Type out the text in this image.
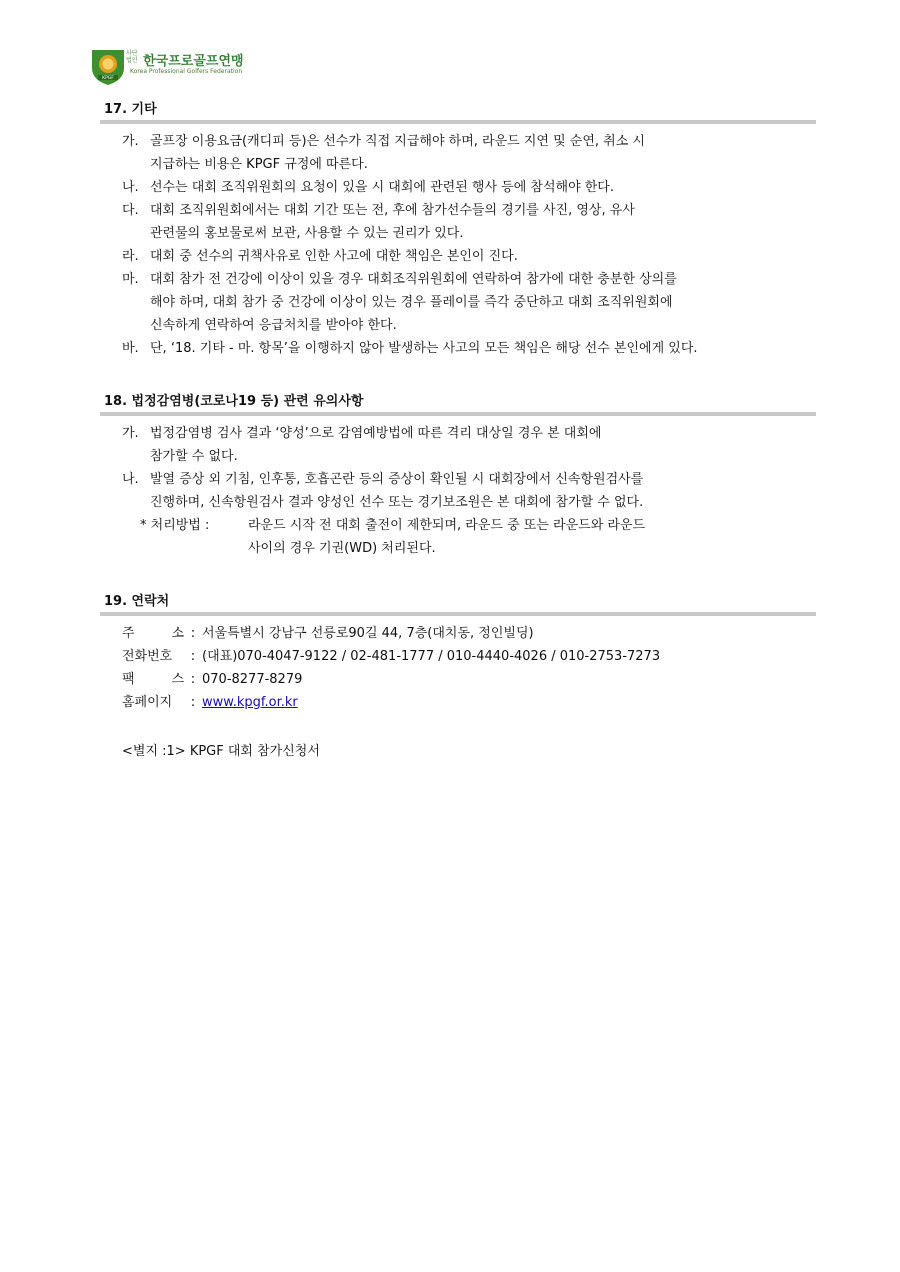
KPGF
사단법인 한국프로골프연맹
Korea Professional Golfers Federation
17. 기타
가. 골프장 이용요금(캐디피 등)은 선수가 직접 지급해야 하며, 라운드 지연 및 순연, 취소 시
지급하는 비용은 KPGF 규정에 따른다.
나. 선수는 대회 조직위원회의 요청이 있을 시 대회에 관련된 행사 등에 참석해야 한다.
다. 대회 조직위원회에서는 대회 기간 또는 전, 후에 참가선수들의 경기를 사진, 영상, 유사
관련물의 홍보물로써 보관, 사용할 수 있는 권리가 있다.
라. 대회 중 선수의 귀책사유로 인한 사고에 대한 책임은 본인이 진다.
마. 대회 참가 전 건강에 이상이 있을 경우 대회조직위원회에 연락하여 참가에 대한 충분한 상의를
해야 하며, 대회 참가 중 건강에 이상이 있는 경우 플레이를 즉각 중단하고 대회 조직위원회에
신속하게 연락하여 응급처치를 받아야 한다.
바. 단, ‘18. 기타 - 마. 항목’을 이행하지 않아 발생하는 사고의 모든 책임은 해당 선수 본인에게 있다.
18. 법정감염병(코로나19 등) 관련 유의사항
가. 법정감염병 검사 결과 ‘양성’으로 감염예방법에 따른 격리 대상일 경우 본 대회에
참가할 수 없다.
나. 발열 증상 외 기침, 인후통, 호흡곤란 등의 증상이 확인될 시 대회장에서 신속항원검사를
진행하며, 신속항원검사 결과 양성인 선수 또는 경기보조원은 본 대회에 참가할 수 없다.
* 처리방법 :	라운드 시작 전 대회 출전이 제한되며, 라운드 중 또는 라운드와 라운드
사이의 경우 기권(WD) 처리된다.
19. 연락처
주	소 : 서울특별시 강남구 선릉로90길 44, 7층(대치동, 정인빌딩)
전화번호	: (대표)070-4047-9122 / 02-481-1777 / 010-4440-4026 / 010-2753-7273
팩	스 : 070-8277-8279
홈페이지	: www.kpgf.or.kr
<별지 :1> KPGF 대회 참가신청서
